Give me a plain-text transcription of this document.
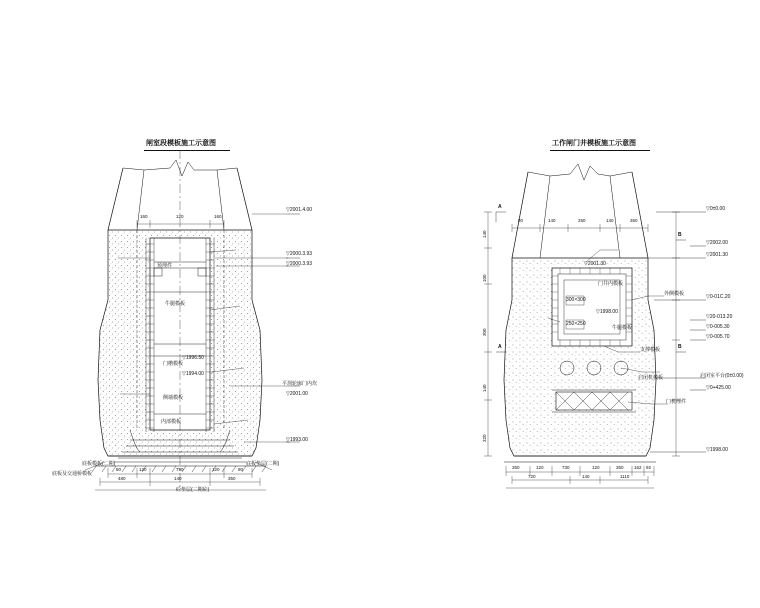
闸室段模板施工示意图
▽2001.4.00
▽2000.3.93
▽2000.3.93
平坝轮廓门内坎
▽2001.00
▽1993.00
预埋件
牛腿模板
门槽模板
侧墙模板
内部模板
底板模板(二期)
底板及交通桥模板
底板垫层(二期)
砼垫层(二期砼)
▽1996.50
▽1994.00
160	120	160
80	120	750	120	80
480	140	350
工作闸门井模板施工示意图
▽0±0.00
▽2002.00
▽2001.30
▽0-01C.20
▽20-013.20
▽0-005.30
▽0-005.70
启闭室平台(0±0.00)
▽0+425.00
▽1998.00
门井内模板
外侧模板
牛腿模板
支撑模板
启闭机模板
门机埋件
▽2001.30
300×300
250×250
▽1998.00
A
A
B
B
80	140	250	140	350
140
100
300
140
320
350	120	730	120	350 162 92
720	140	1110
